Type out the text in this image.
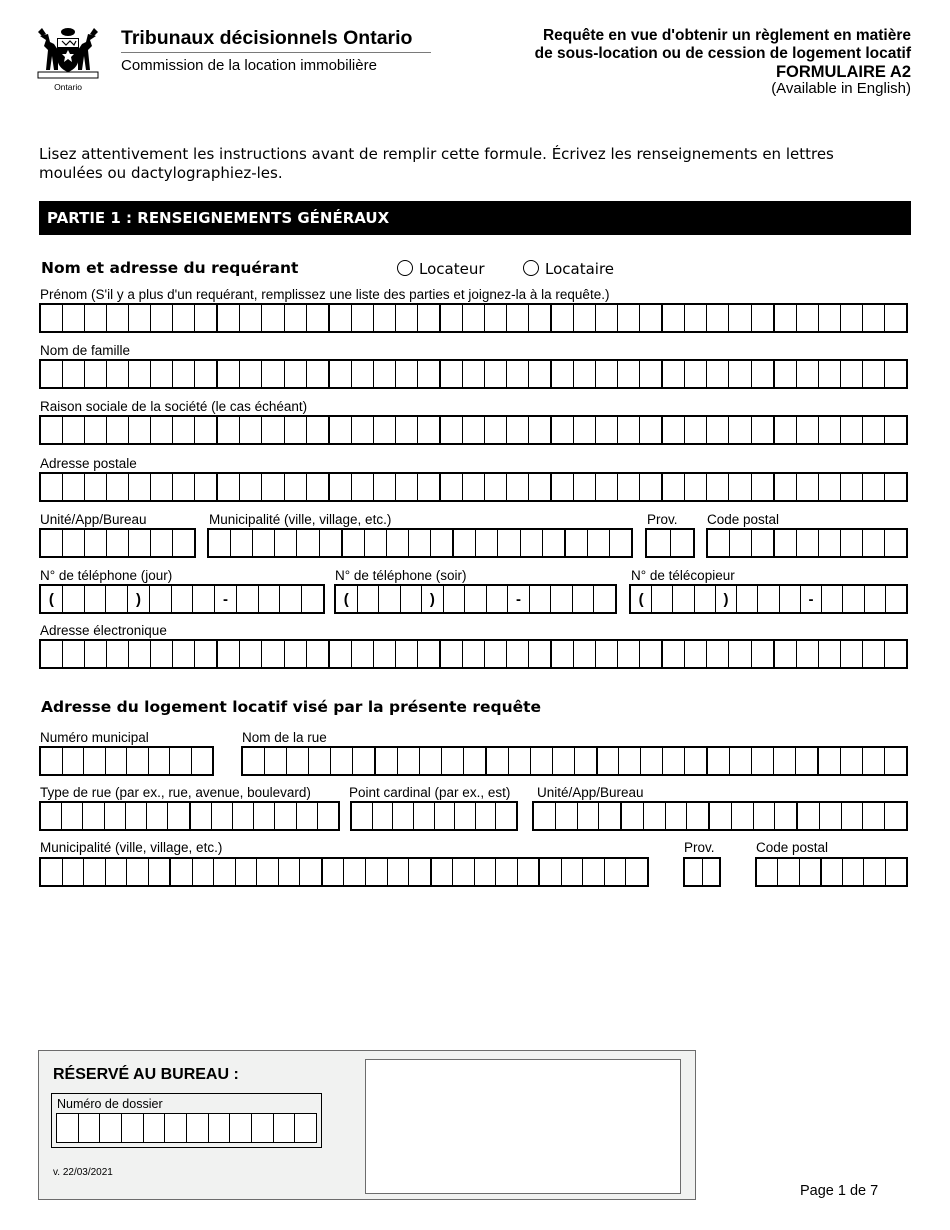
Ontario
Tribunaux décisionnels Ontario
Commission de la location immobilière
Requête en vue d'obtenir un règlement en matière
de sous-location ou de cession de logement locatif
FORMULAIRE A2
(Available in English)
Lisez attentivement les instructions avant de remplir cette formule. Écrivez les renseignements en lettres moulées ou dactylographiez-les.
PARTIE 1 : RENSEIGNEMENTS GÉNÉRAUX
Nom et adresse du requérant	Locateur	Locataire
Prénom (S'il y a plus d'un requérant, remplissez une liste des parties et joignez-la à la requête.)
Nom de famille
Raison sociale de la société (le cas échéant)
Adresse postale
Unité/App/Bureau	Municipalité (ville, village, etc.)	Prov. Code postal
N° de téléphone (jour)	N° de téléphone (soir)	N° de télécopieur
(	)	-	(	)	-	(	)	-
Adresse électronique
Adresse du logement locatif visé par la présente requête
Numéro municipal	Nom de la rue
Type de rue (par ex., rue, avenue, boulevard)	Point cardinal (par ex., est) Unité/App/Bureau
Municipalité (ville, village, etc.)	Prov.	Code postal
RÉSERVÉ AU BUREAU :
Numéro de dossier
v. 22/03/2021
Page 1 de 7
